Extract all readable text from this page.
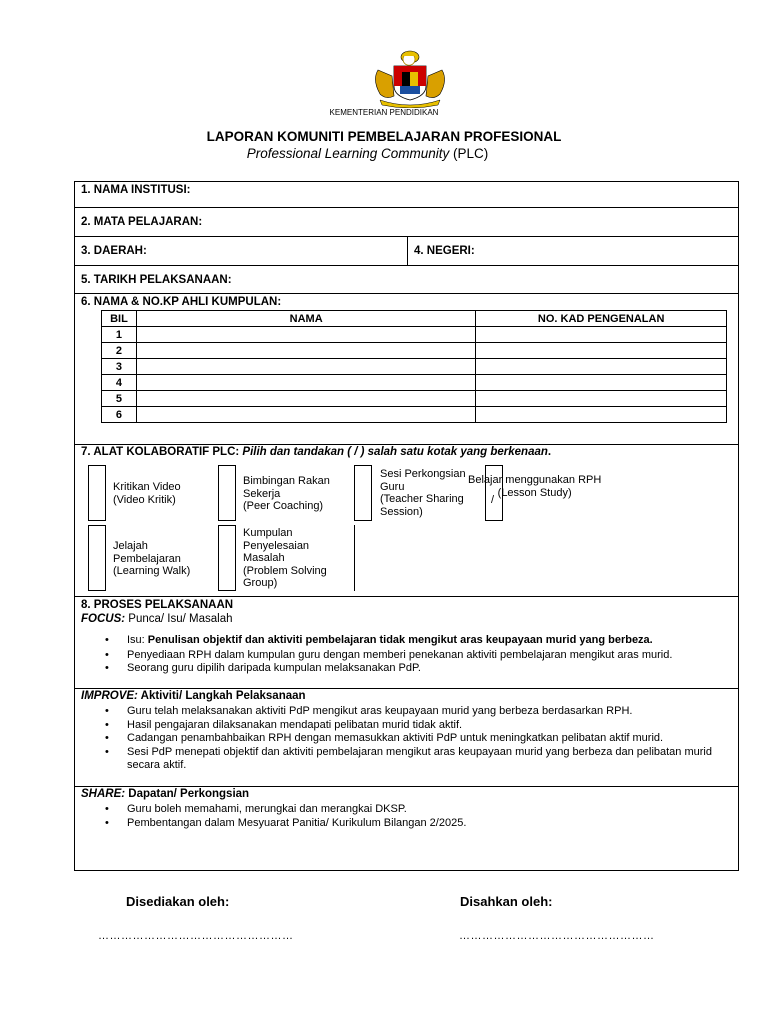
KEMENTERIAN PENDIDIKAN
LAPORAN KOMUNITI PEMBELAJARAN PROFESIONAL
Professional Learning Community (PLC)
1. NAMA INSTITUSI:
2. MATA PELAJARAN:
3. DAERAH:	4. NEGERI:
5. TARIKH PELAKSANAAN:
6. NAMA & NO.KP AHLI KUMPULAN:
BIL	NAMA	NO. KAD PENGENALAN
1		
2		
3		
4		
5		
6		
7. ALAT KOLABORATIF PLC: Pilih dan tandakan ( / ) salah satu kotak yang berkenaan.
Kritikan Video
(Video Kritik)
Bimbingan Rakan
Sekerja
(Peer Coaching)
Sesi Perkongsian
Guru
(Teacher Sharing
Session)
/
Belajar menggunakan RPH
(Lesson Study)
Jelajah
Pembelajaran
(Learning Walk)
Kumpulan
Penyelesaian
Masalah
(Problem Solving
Group)
8. PROSES PELAKSANAAN
FOCUS: Punca/ Isu/ Masalah
• Isu: Penulisan objektif dan aktiviti pembelajaran tidak mengikut aras keupayaan murid yang berbeza.
• Penyediaan RPH dalam kumpulan guru dengan memberi penekanan aktiviti pembelajaran mengikut aras murid.
• Seorang guru dipilih daripada kumpulan melaksanakan PdP.
IMPROVE: Aktiviti/ Langkah Pelaksanaan
• Guru telah melaksanakan aktiviti PdP mengikut aras keupayaan murid yang berbeza berdasarkan RPH.
• Hasil pengajaran dilaksanakan mendapati pelibatan murid tidak aktif.
• Cadangan penambahbaikan RPH dengan memasukkan aktiviti PdP untuk meningkatkan pelibatan aktif murid.
• Sesi PdP menepati objektif dan aktiviti pembelajaran mengikut aras keupayaan murid yang berbeza dan pelibatan murid secara aktif.
SHARE: Dapatan/ Perkongsian
• Guru boleh memahami, merungkai dan merangkai DKSP.
• Pembentangan dalam Mesyuarat Panitia/ Kurikulum Bilangan 2/2025.
Disediakan oleh:	Disahkan oleh:
……………………………………………	……………………………………………
